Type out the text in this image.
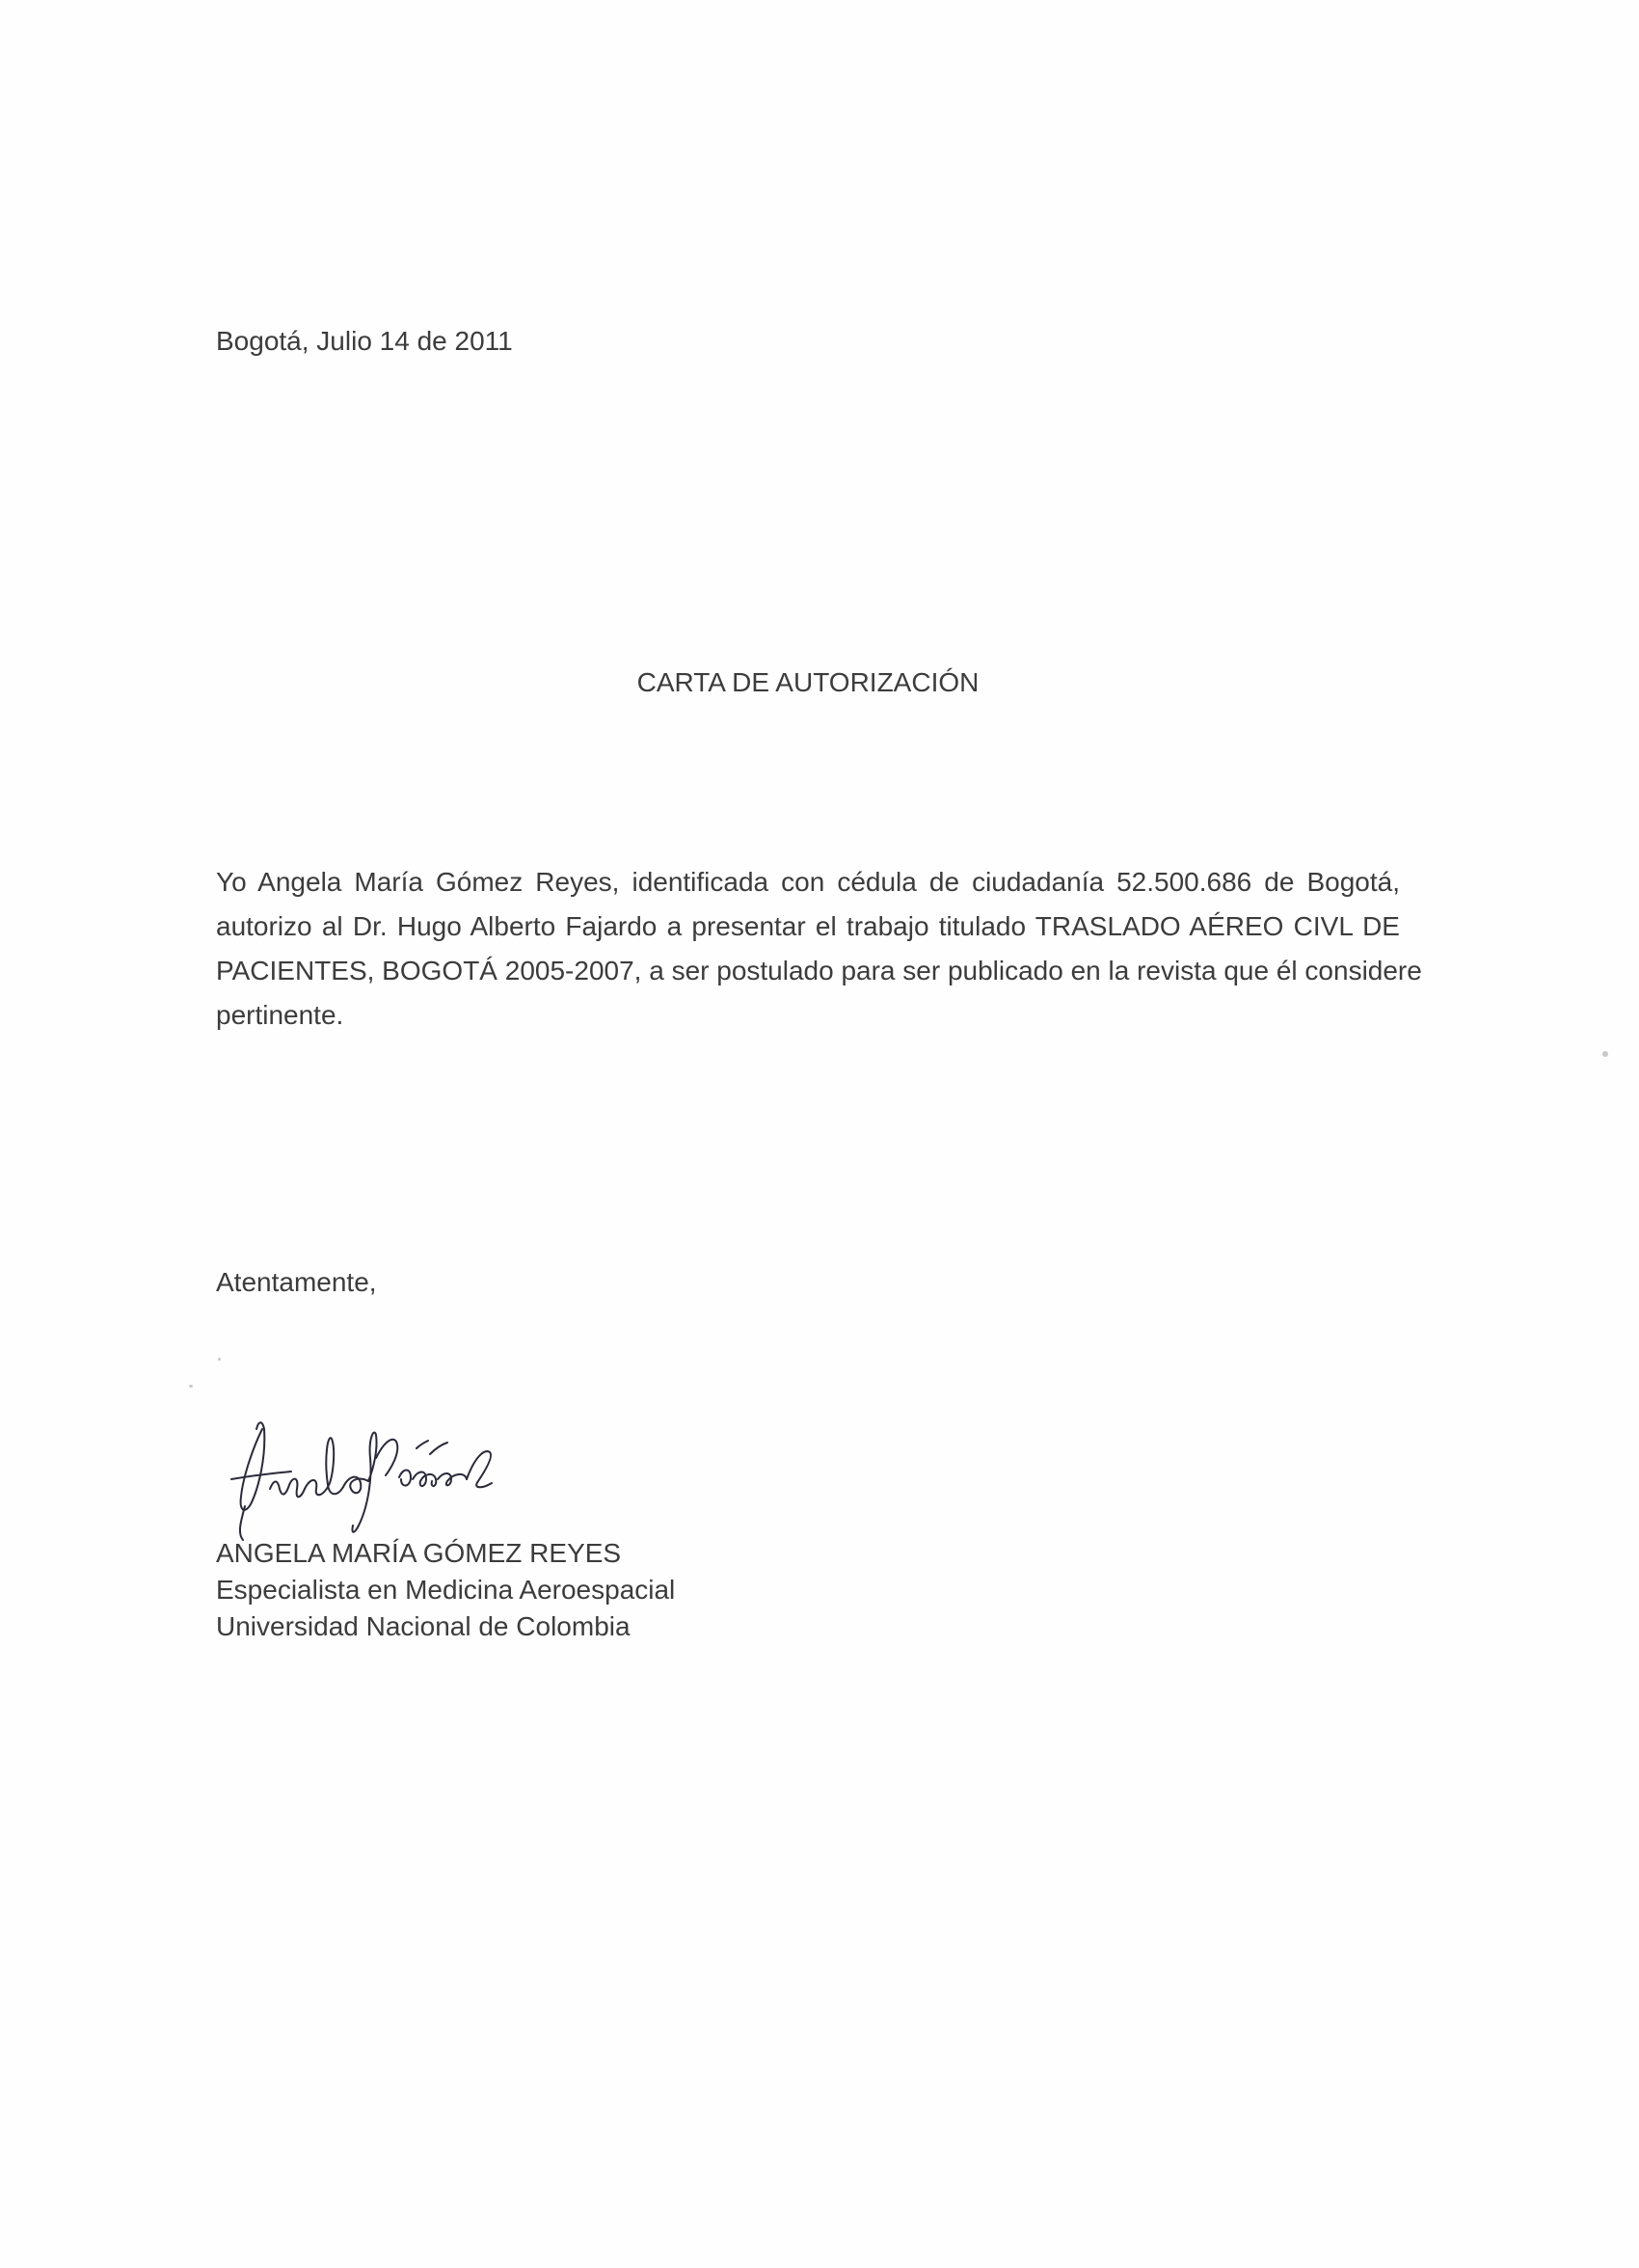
Bogotá, Julio 14 de 2011
CARTA DE AUTORIZACIÓN
Yo Angela María Gómez Reyes, identificada con cédula de ciudadanía 52.500.686 de Bogotá,
autorizo al Dr. Hugo Alberto Fajardo a presentar el trabajo titulado TRASLADO AÉREO CIVL DE
PACIENTES, BOGOTÁ 2005-2007, a ser postulado para ser publicado en la revista que él considere
pertinente.
Atentamente,
ANGELA MARÍA GÓMEZ REYES
Especialista en Medicina Aeroespacial
Universidad Nacional de Colombia
